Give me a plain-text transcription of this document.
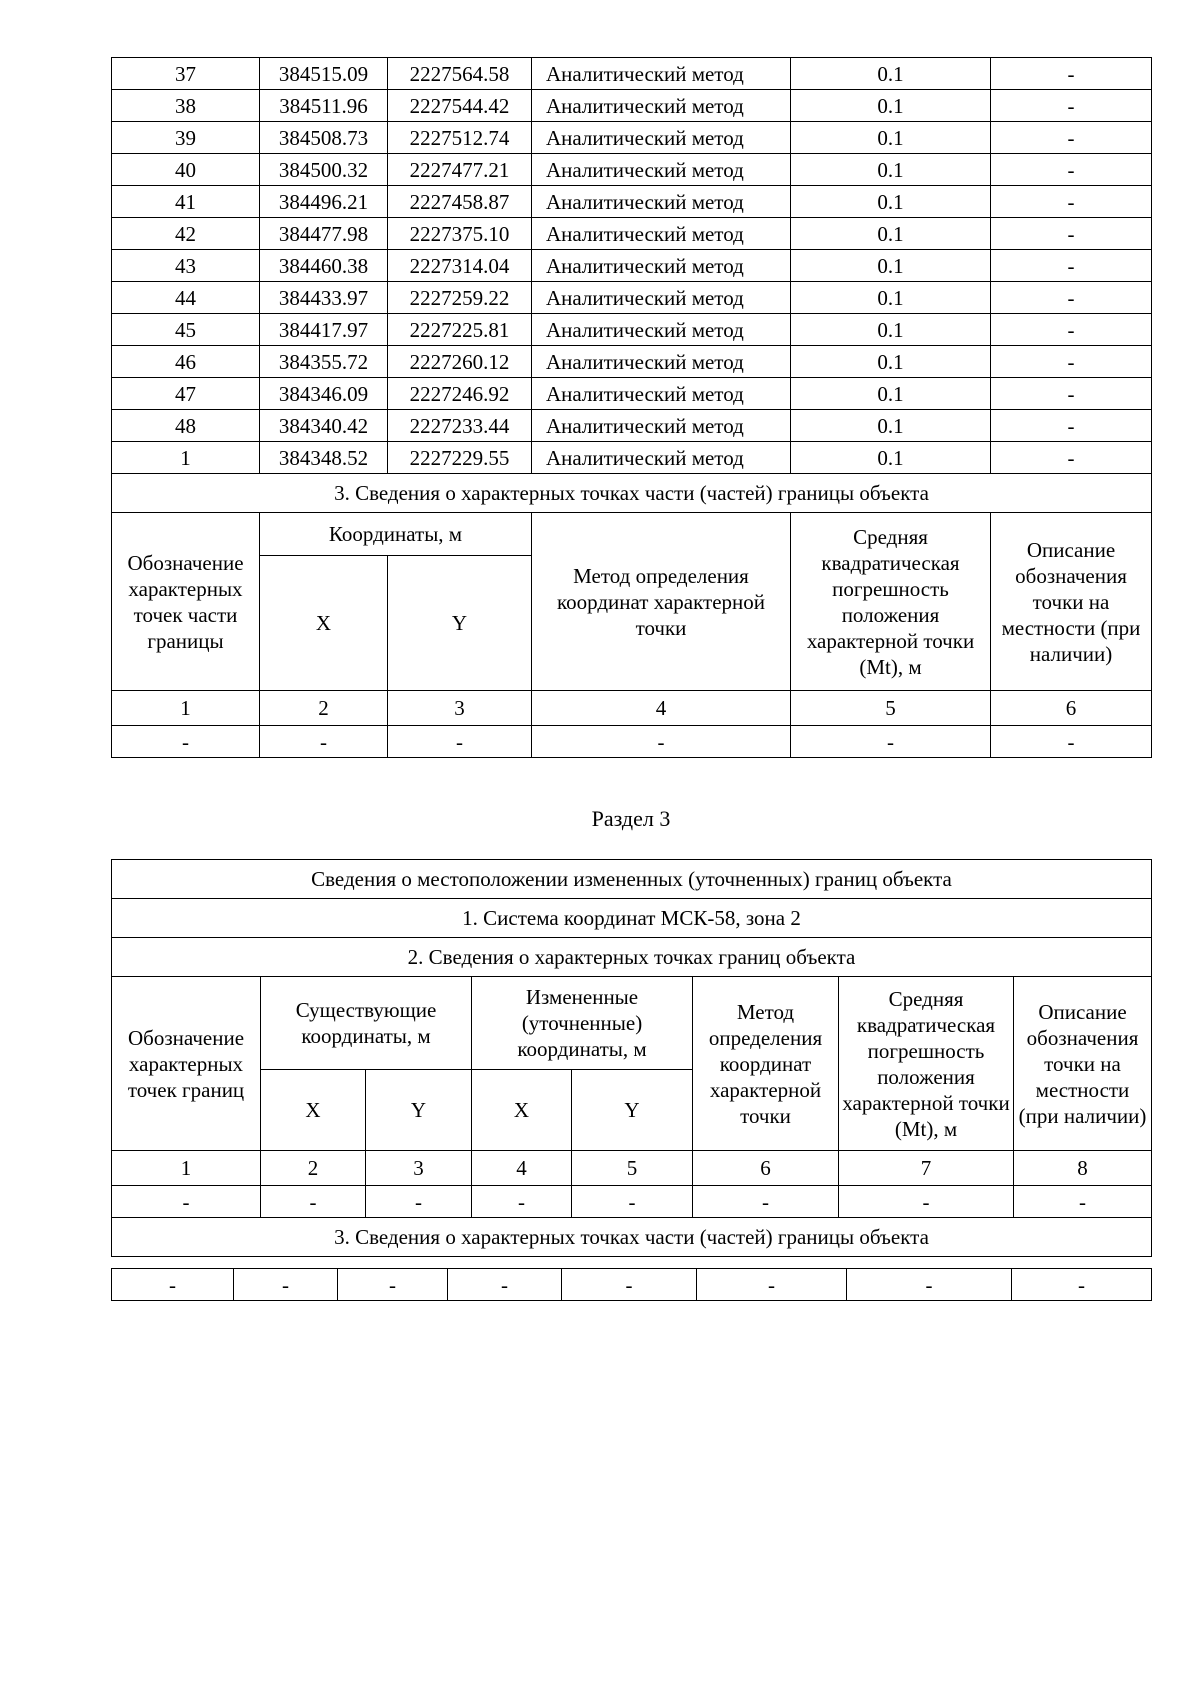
37	384515.09	2227564.58	Аналитический метод	0.1	-
38	384511.96	2227544.42	Аналитический метод	0.1	-
39	384508.73	2227512.74	Аналитический метод	0.1	-
40	384500.32	2227477.21	Аналитический метод	0.1	-
41	384496.21	2227458.87	Аналитический метод	0.1	-
42	384477.98	2227375.10	Аналитический метод	0.1	-
43	384460.38	2227314.04	Аналитический метод	0.1	-
44	384433.97	2227259.22	Аналитический метод	0.1	-
45	384417.97	2227225.81	Аналитический метод	0.1	-
46	384355.72	2227260.12	Аналитический метод	0.1	-
47	384346.09	2227246.92	Аналитический метод	0.1	-
48	384340.42	2227233.44	Аналитический метод	0.1	-
1	384348.52	2227229.55	Аналитический метод	0.1	-
3. Сведения о характерных точках части (частей) границы объекта					
Обозначение характерных точек части границы	Координаты, м		Метод определения координат характерной точки	Средняя квадратическая погрешность положения характерной точки (Mt), м	Описание обозначения точки на местности (при наличии)
	X	Y			
1	2	3	4	5	6
-	-	-	-	-	-
Раздел 3
Сведения о местоположении измененных (уточненных) границ объекта							
1. Система координат МСК-58, зона 2							
2. Сведения о характерных точках границ объекта							
Обозначение характерных точек границ	Существующие координаты, м		Измененные (уточненные) координаты, м		Метод определения координат характерной точки	Средняя квадратическая погрешность положения характерной точки (Mt), м	Описание обозначения точки на местности (при наличии)
	X	Y	X	Y			
1	2	3	4	5	6	7	8
-	-	-	-	-	-	-	-
3. Сведения о характерных точках части (частей) границы объекта							
-	-	-	-	-	-	-	-
